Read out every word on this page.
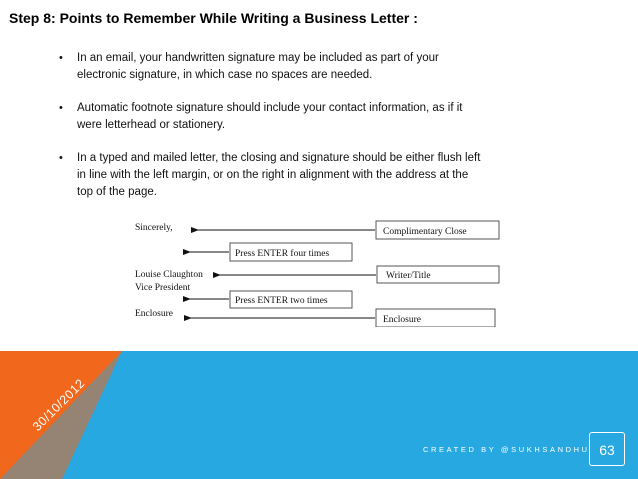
Step 8: Points to Remember While Writing a Business Letter :
• In an email, your handwritten signature may be included as part of your
electronic signature, in which case no spaces are needed.
• Automatic footnote signature should include your contact information, as if it
were letterhead or stationery.
• In a typed and mailed letter, the closing and signature should be either flush left
in line with the left margin, or on the right in alignment with the address at the
top of the page.
Sincerely,
Louise Claughton
Vice President
Enclosure
Complimentary Close
Press ENTER four times
Writer/Title
Press ENTER two times
Enclosure
30/10/2012
CREATED BY @SUKHSANDHU 63
